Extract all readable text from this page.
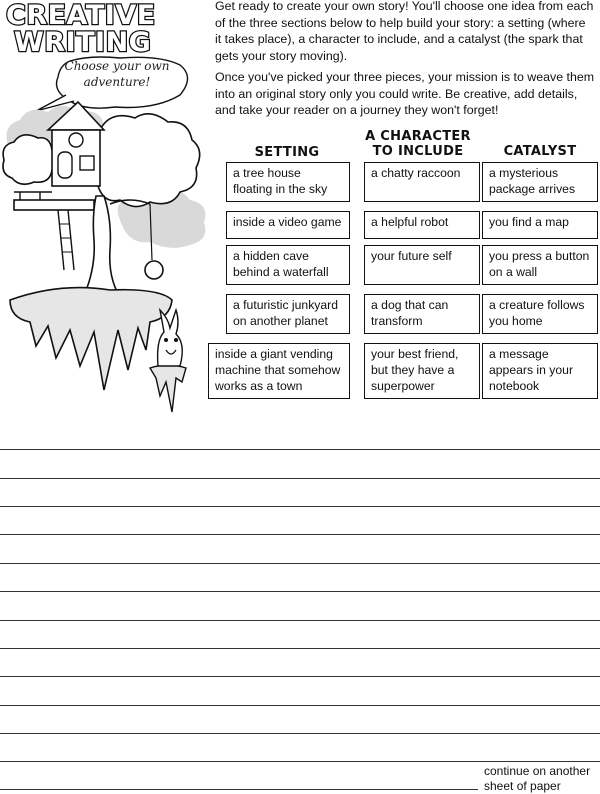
CREATIVE
WRITING
Choose your own adventure!
Get ready to create your own story! You'll choose one idea from each of the three sections below to help build your story: a setting (where it takes place), a character to include, and a catalyst (the spark that gets your story moving).
Once you've picked your three pieces, your mission is to weave them into an original story only you could write. Be creative, add details, and take your reader on a journey they won't forget!
SETTING
A CHARACTER
TO INCLUDE	CATALYST
a tree house floating in the sky
inside a video game
a hidden cave behind a waterfall
a futuristic junkyard on another planet
inside a giant vending machine that somehow works as a town
a chatty raccoon
a helpful robot
your future self
a dog that can transform
your best friend, but they have a superpower
a mysterious package arrives
you find a map
you press a button on a wall
a creature follows you home
a message appears in your notebook
continue on another sheet of paper
